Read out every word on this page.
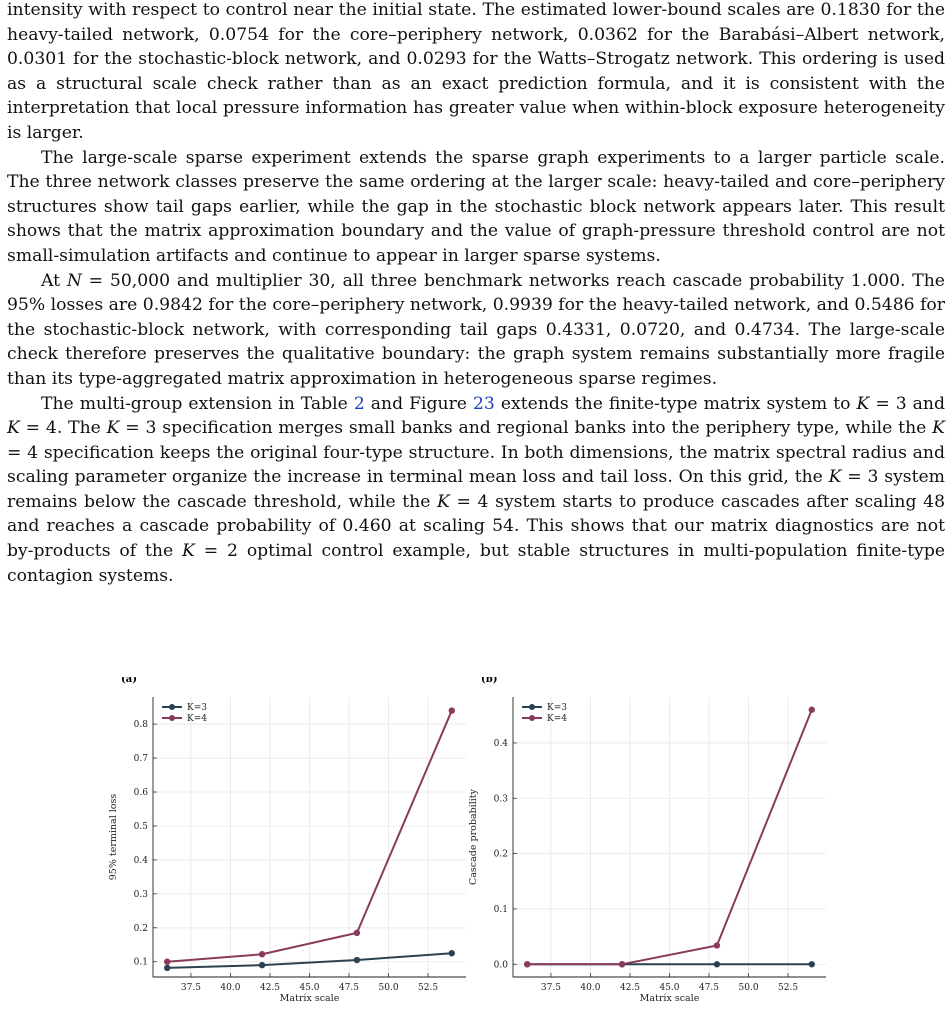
intensity with respect to control near the initial state. The estimated lower-bound scales are 0.1830 for the heavy-tailed network, 0.0754 for the core–periphery network, 0.0362 for the Barabási–Albert network, 0.0301 for the stochastic-block network, and 0.0293 for the Watts–Strogatz network. This ordering is used as a structural scale check rather than as an exact prediction formula, and it is consistent with the interpretation that local pressure information has greater value when within-block exposure heterogeneity is larger.

The large-scale sparse experiment extends the sparse graph experiments to a larger particle scale. The three network classes preserve the same ordering at the larger scale: heavy-tailed and core–periphery structures show tail gaps earlier, while the gap in the stochastic block network appears later. This result shows that the matrix approximation boundary and the value of graph-pressure threshold control are not small-simulation artifacts and continue to appear in larger sparse systems.

At N = 50,000 and multiplier 30, all three benchmark networks reach cascade probability 1.000. The 95% losses are 0.9842 for the core–periphery network, 0.9939 for the heavy-tailed network, and 0.5486 for the stochastic-block network, with corresponding tail gaps 0.4331, 0.0720, and 0.4734. The large-scale check therefore preserves the qualitative boundary: the graph system remains substantially more fragile than its type-aggregated matrix approximation in heterogeneous sparse regimes.

The multi-group extension in Table 2 and Figure 23 extends the finite-type matrix system to K = 3 and K = 4. The K = 3 specification merges small banks and regional banks into the periphery type, while the K = 4 specification keeps the original four-type structure. In both dimensions, the matrix spectral radius and scaling parameter organize the increase in terminal mean loss and tail loss. On this grid, the K = 3 system remains below the cascade threshold, while the K = 4 system starts to produce cascades after scaling 48 and reaches a cascade probability of 0.460 at scaling 54. This shows that our matrix diagnostics are not by-products of the K = 2 optimal control example, but stable structures in multi-population finite-type contagion systems.

(a)
37.5 40.0 42.5 45.0 47.5 50.0 52.5
0.1
0.2
0.3
0.4
0.5
0.6
0.7
0.8
Matrix scale
95% terminal loss
K=3
K=4
(b)
37.5 40.0 42.5 45.0 47.5 50.0 52.5
0.0
0.1
0.2
0.3
0.4
Matrix scale
Cascade probability
K=3
K=4
